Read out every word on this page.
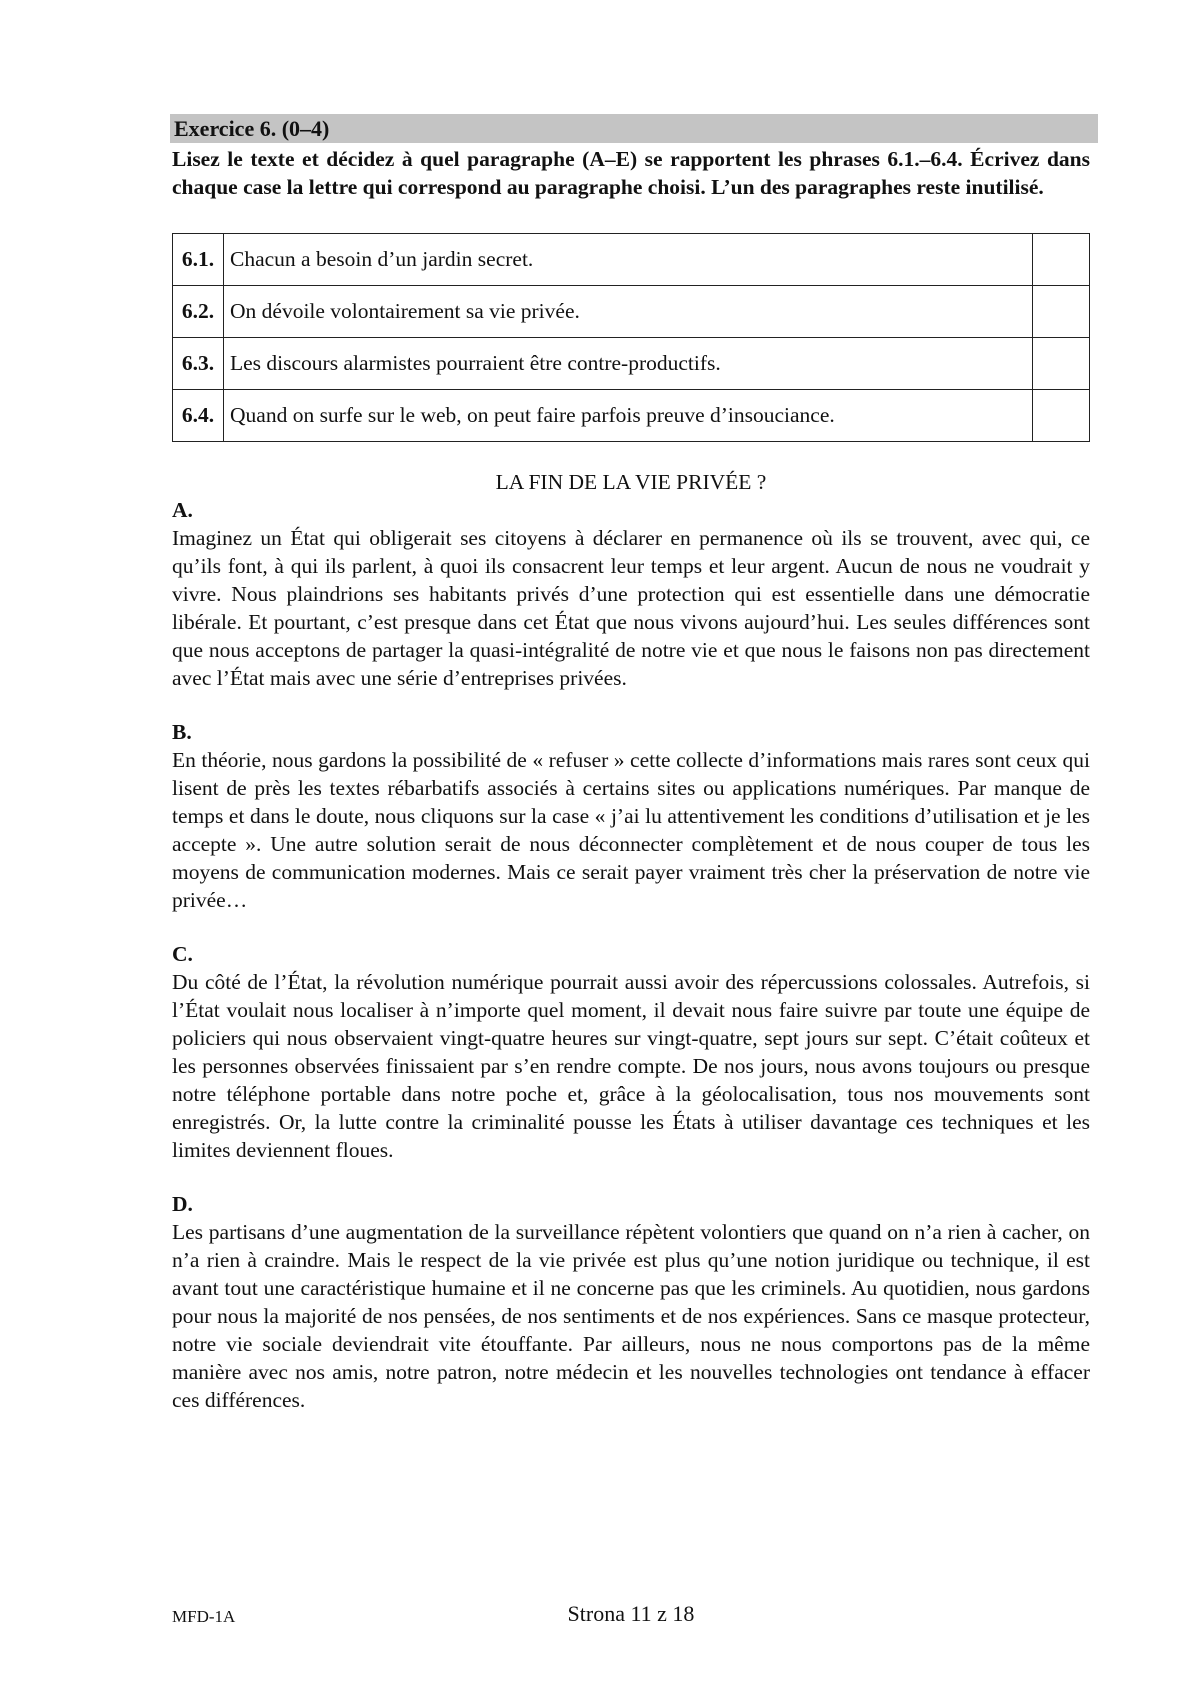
Exercice 6. (0–4)

Lisez le texte et décidez à quel paragraphe (A–E) se rapportent les phrases 6.1.–6.4. Écrivez dans chaque case la lettre qui correspond au paragraphe choisi. L’un des paragraphes reste inutilisé.

6.1.	Chacun a besoin d’un jardin secret.	
6.2.	On dévoile volontairement sa vie privée.	
6.3.	Les discours alarmistes pourraient être contre-productifs.	
6.4.	Quand on surfe sur le web, on peut faire parfois preuve d’insouciance.	
LA FIN DE LA VIE PRIVÉE ?
A.

Imaginez un État qui obligerait ses citoyens à déclarer en permanence où ils se trouvent, avec qui, ce qu’ils font, à qui ils parlent, à quoi ils consacrent leur temps et leur argent. Aucun de nous ne voudrait y vivre. Nous plaindrions ses habitants privés d’une protection qui est essentielle dans une démocratie libérale. Et pourtant, c’est presque dans cet État que nous vivons aujourd’hui. Les seules différences sont que nous acceptons de partager la quasi-intégralité de notre vie et que nous le faisons non pas directement avec l’État mais avec une série d’entreprises privées.

B.

En théorie, nous gardons la possibilité de « refuser » cette collecte d’informations mais rares sont ceux qui lisent de près les textes rébarbatifs associés à certains sites ou applications numériques. Par manque de temps et dans le doute, nous cliquons sur la case « j’ai lu attentivement les conditions d’utilisation et je les accepte ». Une autre solution serait de nous déconnecter complètement et de nous couper de tous les moyens de communication modernes. Mais ce serait payer vraiment très cher la préservation de notre vie privée…

C.

Du côté de l’État, la révolution numérique pourrait aussi avoir des répercussions colossales. Autrefois, si l’État voulait nous localiser à n’importe quel moment, il devait nous faire suivre par toute une équipe de policiers qui nous observaient vingt-quatre heures sur vingt-quatre, sept jours sur sept. C’était coûteux et les personnes observées finissaient par s’en rendre compte. De nos jours, nous avons toujours ou presque notre téléphone portable dans notre poche et, grâce à la géolocalisation, tous nos mouvements sont enregistrés. Or, la lutte contre la criminalité pousse les États à utiliser davantage ces techniques et les limites deviennent floues.

D.

Les partisans d’une augmentation de la surveillance répètent volontiers que quand on n’a rien à cacher, on n’a rien à craindre. Mais le respect de la vie privée est plus qu’une notion juridique ou technique, il est avant tout une caractéristique humaine et il ne concerne pas que les criminels. Au quotidien, nous gardons pour nous la majorité de nos pensées, de nos sentiments et de nos expériences. Sans ce masque protecteur, notre vie sociale deviendrait vite étouffante. Par ailleurs, nous ne nous comportons pas de la même manière avec nos amis, notre patron, notre médecin et les nouvelles technologies ont tendance à effacer ces différences.

MFD-1A	Strona 11 z 18
